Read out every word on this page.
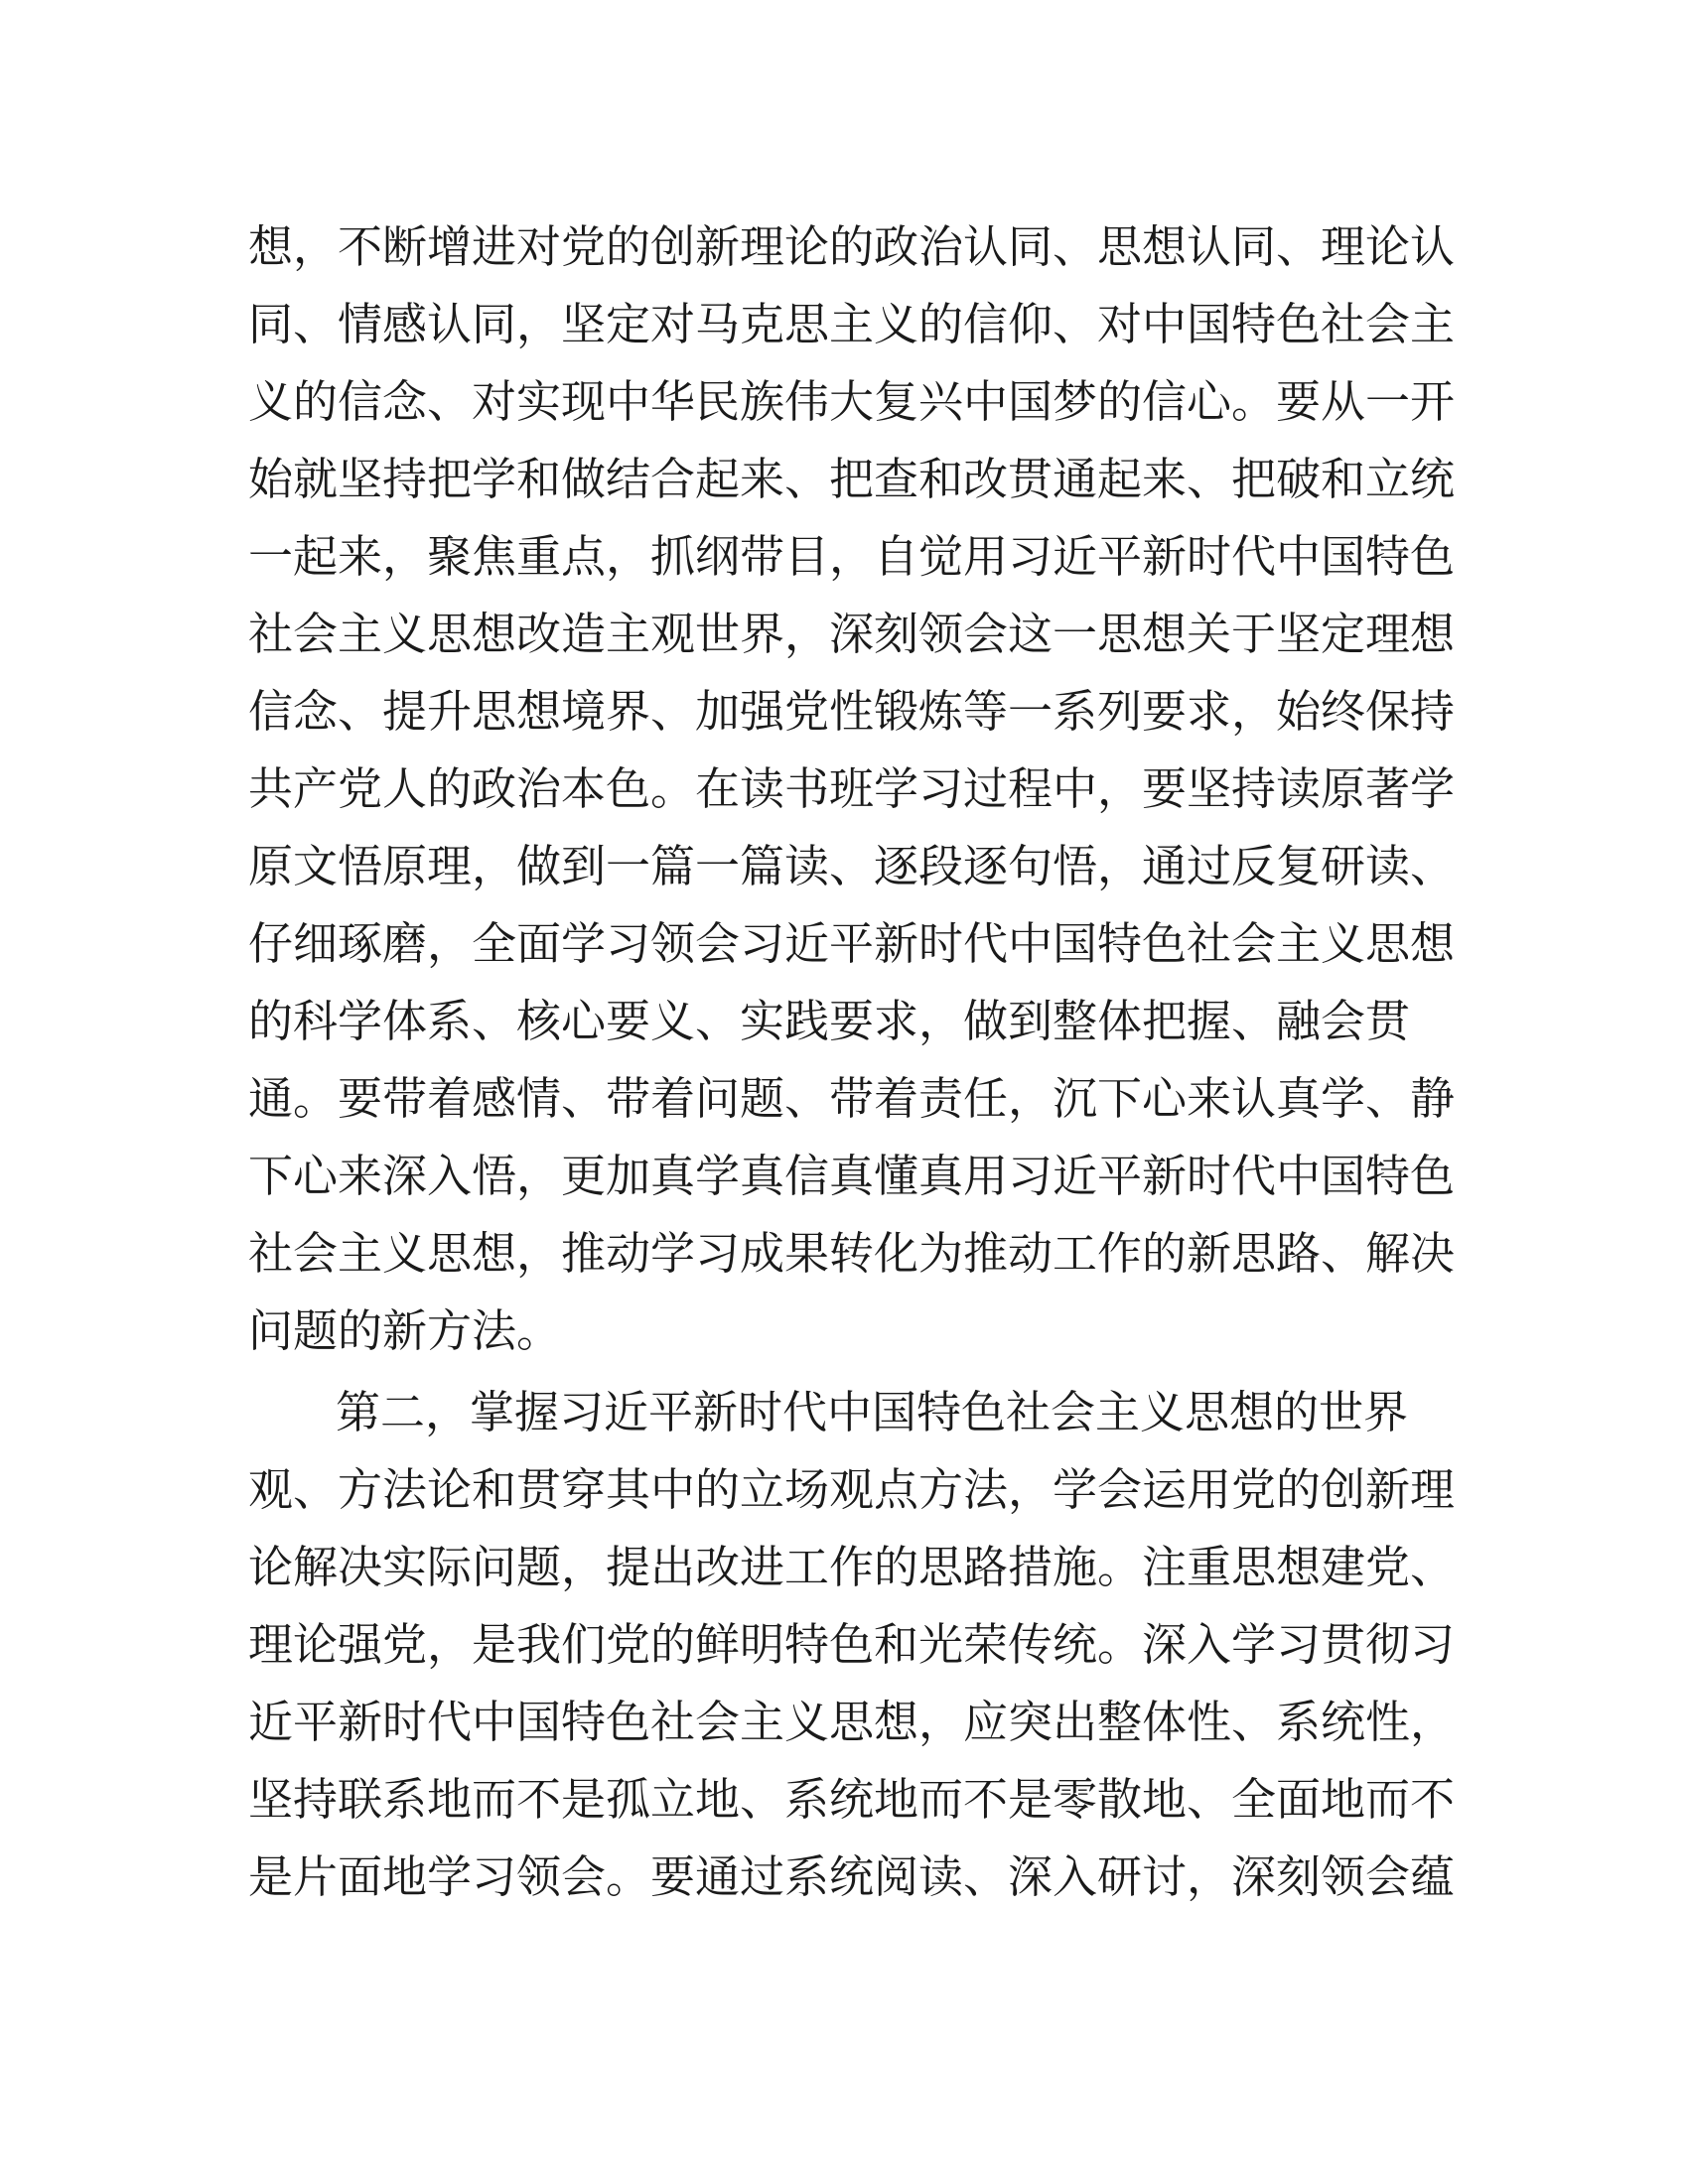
想，不断增进对党的创新理论的政治认同、思想认同、理论认
同、情感认同，坚定对马克思主义的信仰、对中国特色社会主
义的信念、对实现中华民族伟大复兴中国梦的信心。要从一开
始就坚持把学和做结合起来、把查和改贯通起来、把破和立统
一起来，聚焦重点，抓纲带目，自觉用习近平新时代中国特色
社会主义思想改造主观世界，深刻领会这一思想关于坚定理想
信念、提升思想境界、加强党性锻炼等一系列要求，始终保持
共产党人的政治本色。在读书班学习过程中，要坚持读原著学
原文悟原理，做到一篇一篇读、逐段逐句悟，通过反复研读、
仔细琢磨，全面学习领会习近平新时代中国特色社会主义思想
的科学体系、核心要义、实践要求，做到整体把握、融会贯
通。要带着感情、带着问题、带着责任，沉下心来认真学、静
下心来深入悟，更加真学真信真懂真用习近平新时代中国特色
社会主义思想，推动学习成果转化为推动工作的新思路、解决
问题的新方法。
第二，掌握习近平新时代中国特色社会主义思想的世界
观、方法论和贯穿其中的立场观点方法，学会运用党的创新理
论解决实际问题，提出改进工作的思路措施。注重思想建党、
理论强党，是我们党的鲜明特色和光荣传统。深入学习贯彻习
近平新时代中国特色社会主义思想，应突出整体性、系统性，
坚持联系地而不是孤立地、系统地而不是零散地、全面地而不
是片面地学习领会。要通过系统阅读、深入研讨，深刻领会蕴
